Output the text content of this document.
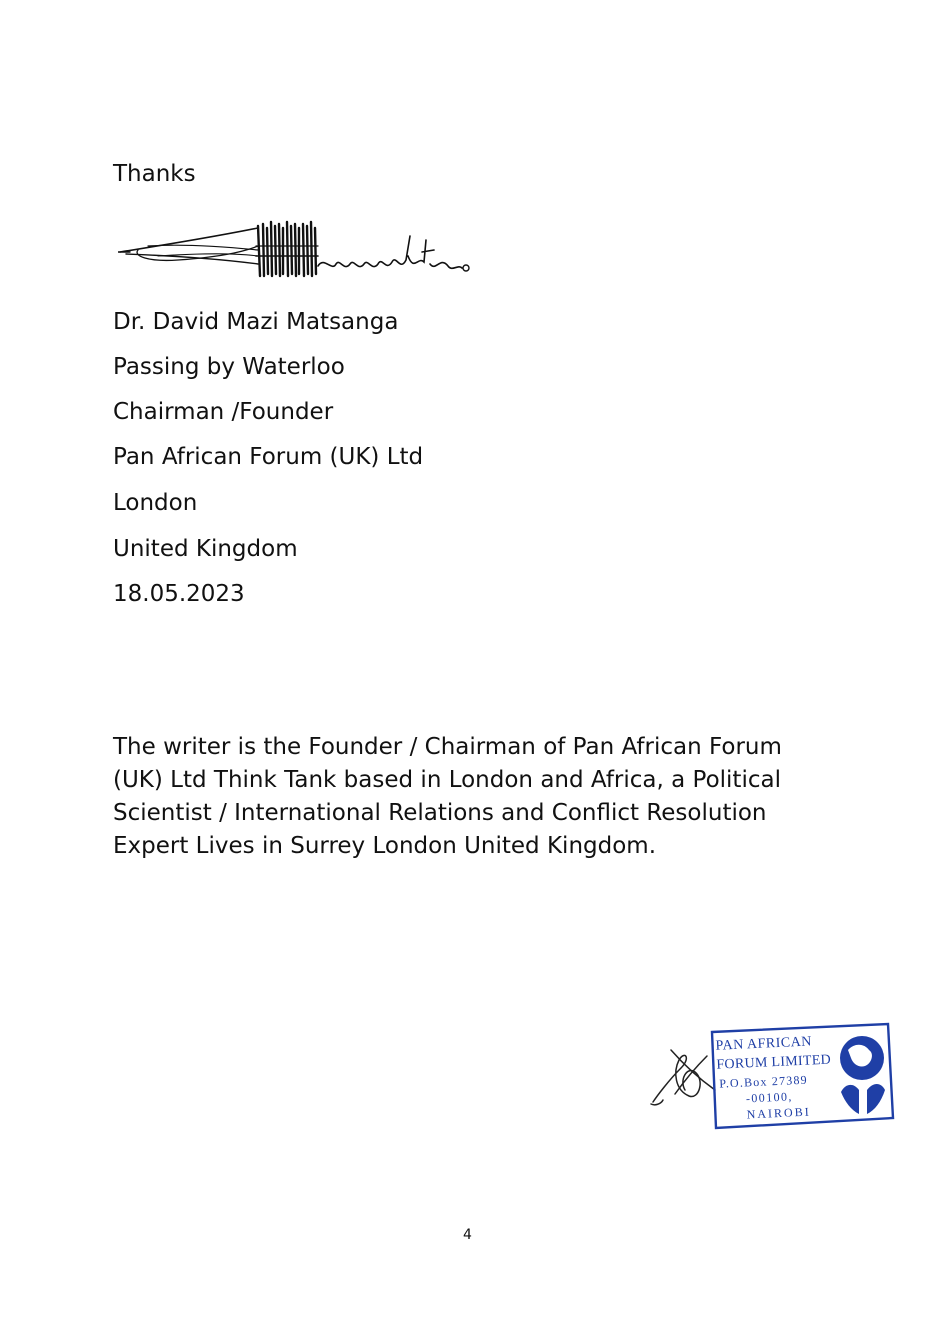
Thanks
Dr. David Mazi Matsanga
Passing by Waterloo
Chairman /Founder
Pan African Forum (UK) Ltd
London
United Kingdom
18.05.2023

The writer is the Founder / Chairman of Pan African Forum (UK) Ltd Think Tank based in London and Africa, a Political Scientist / International Relations and Conflict Resolution Expert Lives in Surrey London United Kingdom.

PAN AFRICAN
FORUM LIMITED
P.O.Box 27389
-00100,
NAIROBI
4
